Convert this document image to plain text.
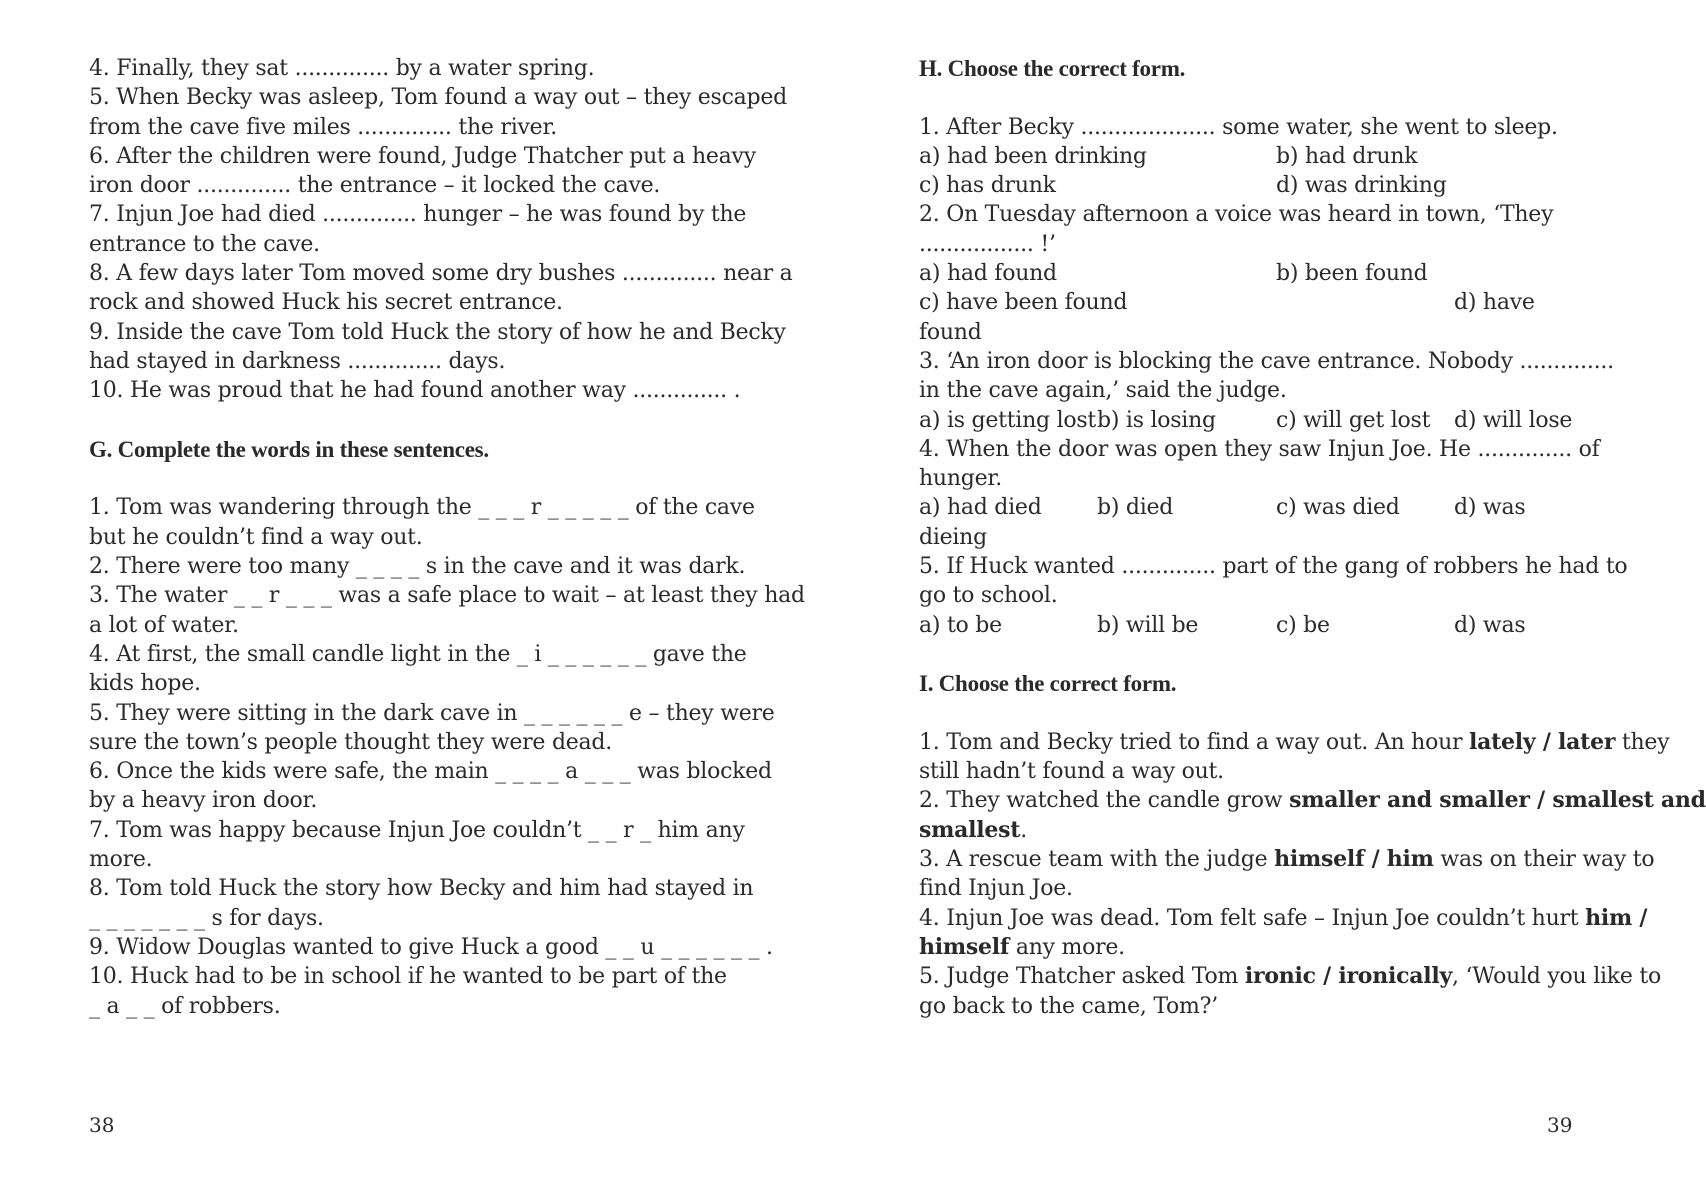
4. Finally, they sat .............. by a water spring.
5. When Becky was asleep, Tom found a way out – they escaped
from the cave five miles .............. the river.
6. After the children were found, Judge Thatcher put a heavy
iron door .............. the entrance – it locked the cave.
7. Injun Joe had died .............. hunger – he was found by the
entrance to the cave.
8. A few days later Tom moved some dry bushes .............. near a
rock and showed Huck his secret entrance.
9. Inside the cave Tom told Huck the story of how he and Becky
had stayed in darkness .............. days.
10. He was proud that he had found another way .............. .
G. Complete the words in these sentences.
1. Tom was wandering through the _ _ _ r _ _ _ _ _ of the cave
but he couldn’t find a way out.
2. There were too many _ _ _ _ s in the cave and it was dark.
3. The water _ _ r _ _ _ was a safe place to wait – at least they had
a lot of water.
4. At first, the small candle light in the _ i _ _ _ _ _ _ gave the
kids hope.
5. They were sitting in the dark cave in _ _ _ _ _ _ e – they were
sure the town’s people thought they were dead.
6. Once the kids were safe, the main _ _ _ _ a _ _ _ was blocked
by a heavy iron door.
7. Tom was happy because Injun Joe couldn’t _ _ r _ him any
more.
8. Tom told Huck the story how Becky and him had stayed in
_ _ _ _ _ _ _ s for days.
9. Widow Douglas wanted to give Huck a good _ _ u _ _ _ _ _ _ .
10. Huck had to be in school if he wanted to be part of the
_ a _ _ of robbers.
38
H. Choose the correct form.
1. After Becky .................... some water, she went to sleep.
a) had been drinking	b) had drunk
c) has drunk	d) was drinking
2. On Tuesday afternoon a voice was heard in town, ‘They
................. !’
a) had found	b) been found
c) have been found	d) have
found
3. ‘An iron door is blocking the cave entrance. Nobody ..............
in the cave again,’ said the judge.
a) is getting lost b) is losing	c) will get lost d) will lose
4. When the door was open they saw Injun Joe. He .............. of
hunger.
a) had died	b) died	c) was died d) was
dieing
5. If Huck wanted .............. part of the gang of robbers he had to
go to school.
a) to be	b) will be	c) be	d) was
I. Choose the correct form.
1. Tom and Becky tried to find a way out. An hour lately / later they
still hadn’t found a way out.
2. They watched the candle grow smaller and smaller / smallest and
smallest.
3. A rescue team with the judge himself / him was on their way to
find Injun Joe.
4. Injun Joe was dead. Tom felt safe – Injun Joe couldn’t hurt him /
himself any more.
5. Judge Thatcher asked Tom ironic / ironically, ‘Would you like to
go back to the came, Tom?’
39
